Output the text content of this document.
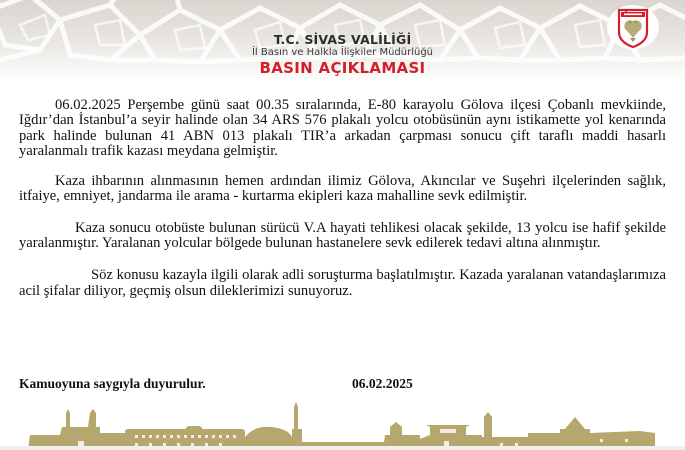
T.C. SİVAS VALİLİĞİ
İl Basın ve Halkla İlişkiler Müdürlüğü
BASIN AÇIKLAMASI

06.02.2025 Perşembe günü saat 00.35 sıralarında, E-80 karayolu Gölova ilçesi Çobanlı mevkiinde, Iğdır’dan İstanbul’a seyir halinde olan 34 ARS 576 plakalı yolcu otobüsünün aynı istikamette yol kenarında park halinde bulunan 41 ABN 013 plakalı TIR’a arkadan çarpması sonucu çift taraflı maddi hasarlı yaralanmalı trafik kazası meydana gelmiştir.

Kaza ihbarının alınmasının hemen ardından ilimiz Gölova, Akıncılar ve Suşehri ilçelerinden sağlık, itfaiye, emniyet, jandarma ile arama - kurtarma ekipleri kaza mahalline sevk edilmiştir.

Kaza sonucu otobüste bulunan sürücü V.A hayati tehlikesi olacak şekilde, 13 yolcu ise hafif şekilde yaralanmıştır. Yaralanan yolcular bölgede bulunan hastanelere sevk edilerek tedavi altına alınmıştır.

Söz konusu kazayla ilgili olarak adli soruşturma başlatılmıştır. Kazada yaralanan vatandaşlarımıza acil şifalar diliyor, geçmiş olsun dileklerimizi sunuyoruz.

Kamuoyuna saygıyla duyurulur.	06.02.2025
